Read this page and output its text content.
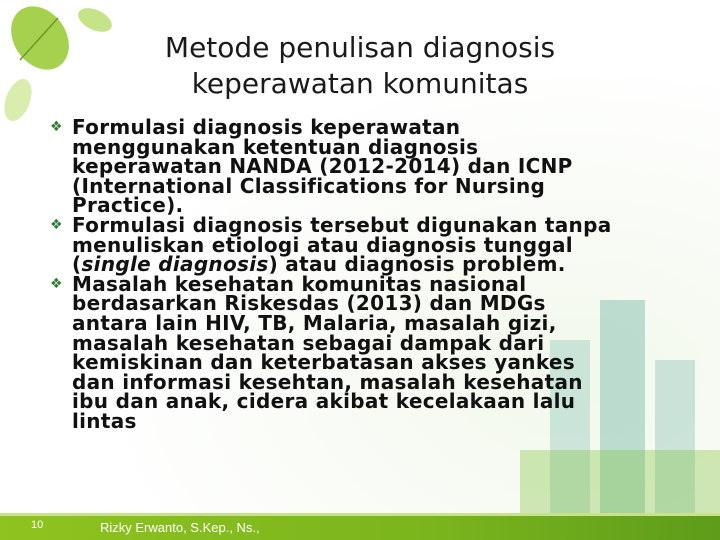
Metode penulisan diagnosis
keperawatan komunitas
❖ Formulasi diagnosis keperawatan
menggunakan ketentuan diagnosis
keperawatan NANDA (2012-2014) dan ICNP
(International Classifications for Nursing
Practice).
❖ Formulasi diagnosis tersebut digunakan tanpa
menuliskan etiologi atau diagnosis tunggal
(single diagnosis) atau diagnosis problem.
❖ Masalah kesehatan komunitas nasional
berdasarkan Riskesdas (2013) dan MDGs
antara lain HIV, TB, Malaria, masalah gizi,
masalah kesehatan sebagai dampak dari
kemiskinan dan keterbatasan akses yankes
dan informasi kesehtan, masalah kesehatan
ibu dan anak, cidera akibat kecelakaan lalu
lintas
10	Rizky Erwanto, S.Kep., Ns.,
